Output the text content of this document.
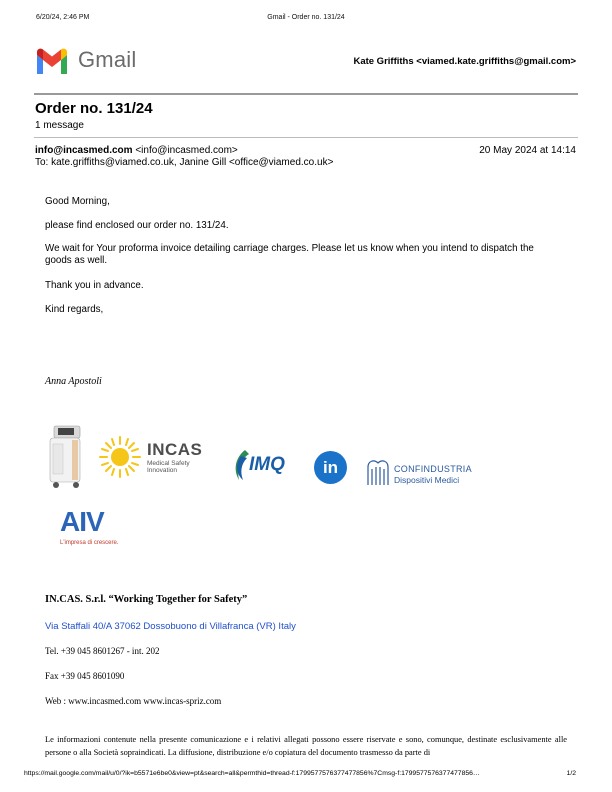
6/20/24, 2:46 PM	Gmail - Order no. 131/24
Gmail	Kate Griffiths <viamed.kate.griffiths@gmail.com>
Order no. 131/24
1 message
info@incasmed.com <info@incasmed.com>	20 May 2024 at 14:14
To: kate.griffiths@viamed.co.uk, Janine Gill <office@viamed.co.uk>
Good Morning,
please find enclosed our order no. 131/24.
We wait for Your proforma invoice detailing carriage charges. Please let us know when you intend to dispatch the goods as well.
Thank you in advance.
Kind regards,
Anna Apostoli
INCAS
Medical Safety
Innovation	IMQ	in	CONFINDUSTRIA
Dispositivi Medici
AIV
L'impresa di crescere.
IN.CAS. S.r.l. “Working Together for Safety”
Via Staffali 40/A 37062 Dossobuono di Villafranca (VR) Italy
Tel. +39 045 8601267 - int. 202
Fax +39 045 8601090
Web : www.incasmed.com www.incas-spriz.com
Le informazioni contenute nella presente comunicazione e i relativi allegati possono essere riservate e sono, comunque, destinate esclusivamente alle persone o alla Società sopraindicati. La diffusione, distribuzione e/o copiatura del documento trasmesso da parte di
https://mail.google.com/mail/u/0/?ik=b5571e6be0&view=pt&search=all&permthid=thread-f:1799577576377477856%7Cmsg-f:1799577576377477856…	1/2
